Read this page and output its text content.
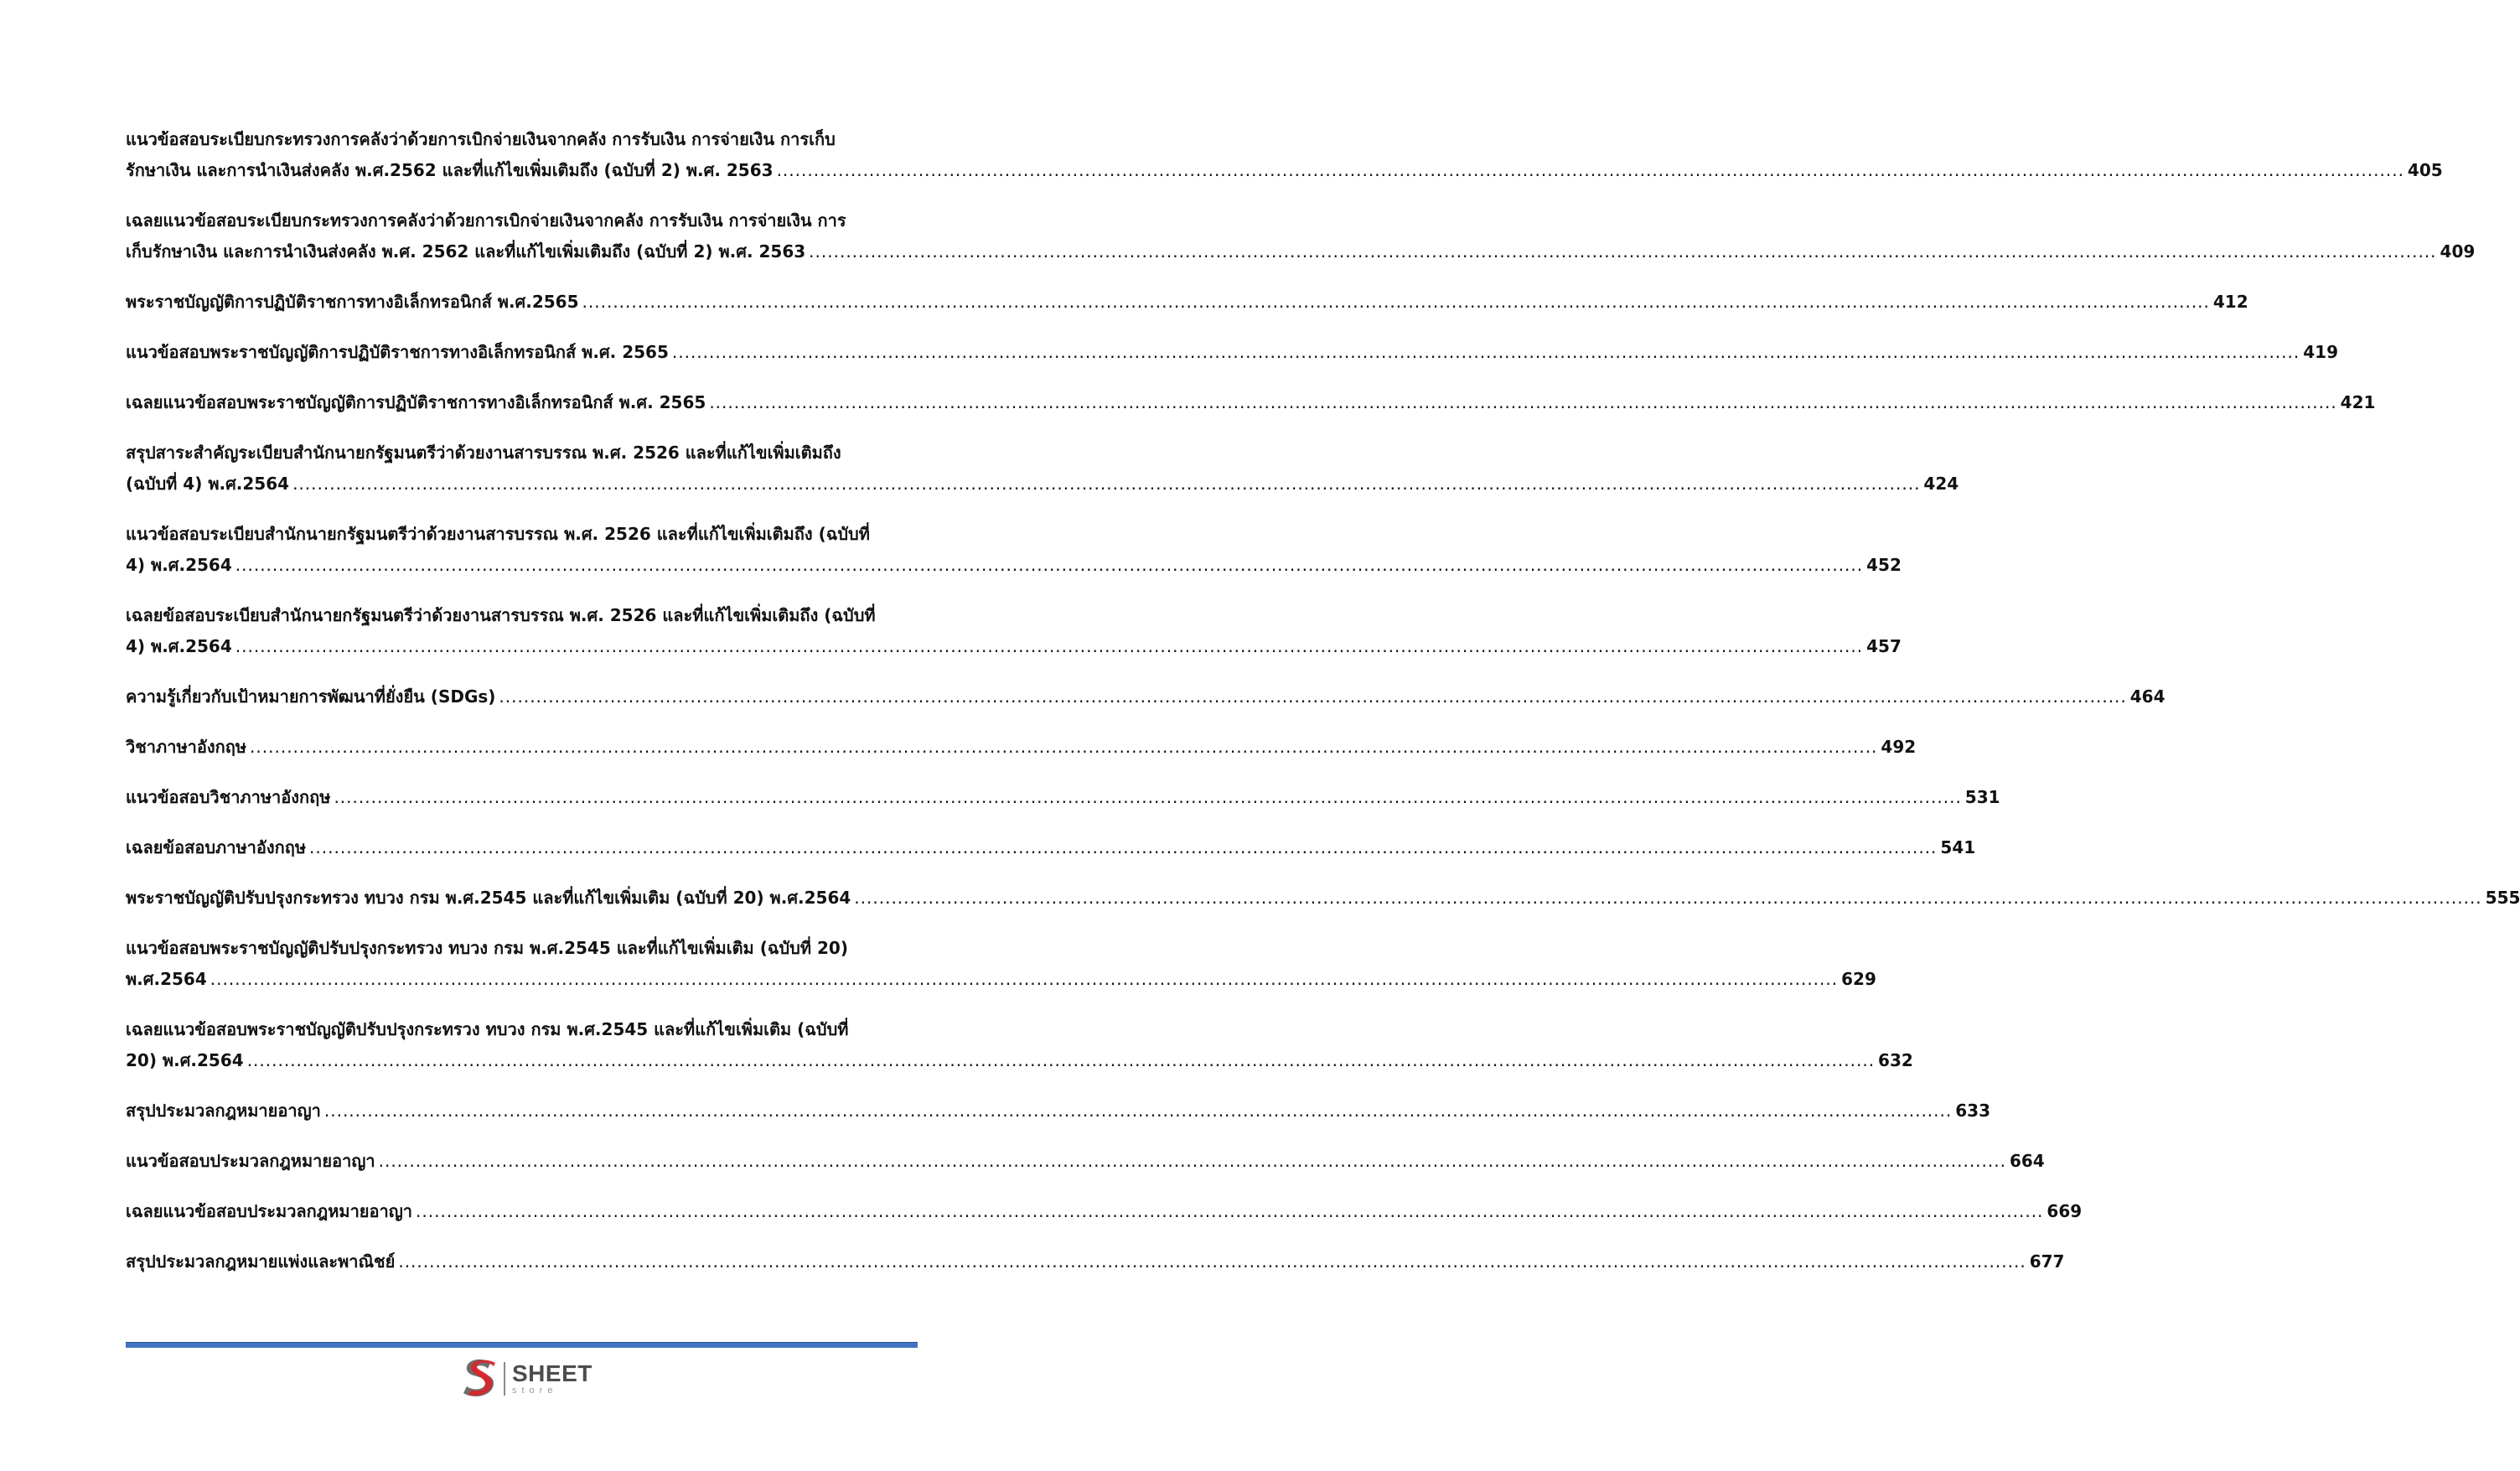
แนวข้อสอบระเบียบกระทรวงการคลังว่าด้วยการเบิกจ่ายเงินจากคลัง การรับเงิน การจ่ายเงิน การเก็บ
รักษาเงิน และการนำเงินส่งคลัง พ.ศ.2562 และที่แก้ไขเพิ่มเติมถึง (ฉบับที่ 2) พ.ศ. 2563 .....	405
เฉลยแนวข้อสอบระเบียบกระทรวงการคลังว่าด้วยการเบิกจ่ายเงินจากคลัง การรับเงิน การจ่ายเงิน การ
เก็บรักษาเงิน และการนำเงินส่งคลัง พ.ศ. 2562 และที่แก้ไขเพิ่มเติมถึง (ฉบับที่ 2) พ.ศ. 2563 .....	409
พระราชบัญญัติการปฏิบัติราชการทางอิเล็กทรอนิกส์ พ.ศ.2565 .....	412
แนวข้อสอบพระราชบัญญัติการปฏิบัติราชการทางอิเล็กทรอนิกส์ พ.ศ. 2565 .....	419
เฉลยแนวข้อสอบพระราชบัญญัติการปฏิบัติราชการทางอิเล็กทรอนิกส์ พ.ศ. 2565 .....	421
สรุปสาระสำคัญระเบียบสำนักนายกรัฐมนตรีว่าด้วยงานสารบรรณ พ.ศ. 2526 และที่แก้ไขเพิ่มเติมถึง
(ฉบับที่ 4) พ.ศ.2564 .....	424
แนวข้อสอบระเบียบสำนักนายกรัฐมนตรีว่าด้วยงานสารบรรณ พ.ศ. 2526 และที่แก้ไขเพิ่มเติมถึง (ฉบับที่
4) พ.ศ.2564 .....	452
เฉลยข้อสอบระเบียบสำนักนายกรัฐมนตรีว่าด้วยงานสารบรรณ พ.ศ. 2526 และที่แก้ไขเพิ่มเติมถึง (ฉบับที่
4) พ.ศ.2564 .....	457
ความรู้เกี่ยวกับเป้าหมายการพัฒนาที่ยั่งยืน (SDGs) .....	464
วิชาภาษาอังกฤษ .....	492
แนวข้อสอบวิชาภาษาอังกฤษ .....	531
เฉลยข้อสอบภาษาอังกฤษ .....	541
พระราชบัญญัติปรับปรุงกระทรวง ทบวง กรม พ.ศ.2545 และที่แก้ไขเพิ่มเติม (ฉบับที่ 20) พ.ศ.2564 .....	555
แนวข้อสอบพระราชบัญญัติปรับปรุงกระทรวง ทบวง กรม พ.ศ.2545 และที่แก้ไขเพิ่มเติม (ฉบับที่ 20)
พ.ศ.2564 .....	629
เฉลยแนวข้อสอบพระราชบัญญัติปรับปรุงกระทรวง ทบวง กรม พ.ศ.2545 และที่แก้ไขเพิ่มเติม (ฉบับที่
20) พ.ศ.2564 .....	632
สรุปประมวลกฎหมายอาญา .....	633
แนวข้อสอบประมวลกฎหมายอาญา .....	664
เฉลยแนวข้อสอบประมวลกฎหมายอาญา .....	669
สรุปประมวลกฎหมายแพ่งและพาณิชย์ .....	677
SHEET
store
